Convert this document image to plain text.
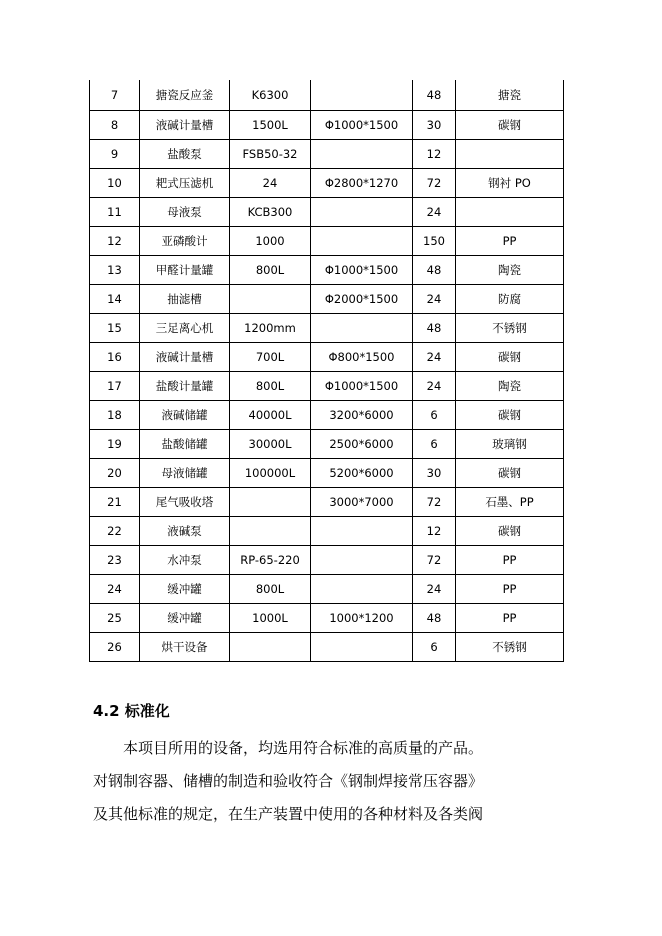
7	搪瓷反应釜	K6300		48	搪瓷
8	液碱计量槽	1500L	Φ1000*1500	30	碳钢
9	盐酸泵	FSB50-32		12	
10	耙式压滤机	24	Φ2800*1270	72	钢衬 PO
11	母液泵	KCB300		24	
12	亚磷酸计	1000		150	PP
13	甲醛计量罐	800L	Φ1000*1500	48	陶瓷
14	抽滤槽		Φ2000*1500	24	防腐
15	三足离心机	1200mm		48	不锈钢
16	液碱计量槽	700L	Φ800*1500	24	碳钢
17	盐酸计量罐	800L	Φ1000*1500	24	陶瓷
18	液碱储罐	40000L	3200*6000	6	碳钢
19	盐酸储罐	30000L	2500*6000	6	玻璃钢
20	母液储罐	100000L	5200*6000	30	碳钢
21	尾气吸收塔		3000*7000	72	石墨、PP
22	液碱泵			12	碳钢
23	水冲泵	RP-65-220		72	PP
24	缓冲罐	800L		24	PP
25	缓冲罐	1000L	1000*1200	48	PP
26	烘干设备			6	不锈钢
4.2 标准化
本项目所用的设备，均选用符合标准的高质量的产品。
对钢制容器、储槽的制造和验收符合《钢制焊接常压容器》
及其他标准的规定，在生产装置中使用的各种材料及各类阀
